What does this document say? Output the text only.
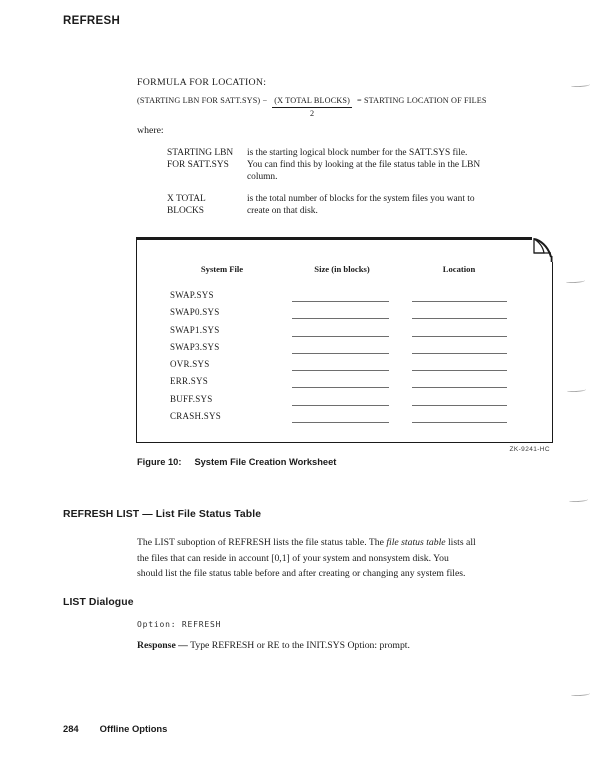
REFRESH
FORMULA FOR LOCATION:
(STARTING LBN FOR SATT.SYS) − $\frac{\text{(X TOTAL BLOCKS)}}{2}$ = STARTING LOCATION OF FILES
where:
STARTING LBN
FOR SATT.SYS
is the starting logical block number for the SATT.SYS file.
You can find this by looking at the file status table in the LBN
column.
X TOTAL
BLOCKS
is the total number of blocks for the system files you want to
create on that disk.
System File	Size (in blocks)	Location
SWAP.SYS
SWAP0.SYS
SWAP1.SYS
SWAP3.SYS
OVR.SYS
ERR.SYS
BUFF.SYS
CRASH.SYS
ZK-9241-HC
Figure 10: System File Creation Worksheet
REFRESH LIST — List File Status Table
The LIST suboption of REFRESH lists the file status table. The file status table lists all
the files that can reside in account [0,1] of your system and nonsystem disk. You
should list the file status table before and after creating or changing any system files.
LIST Dialogue
Option: REFRESH
Response — Type REFRESH or RE to the INIT.SYS Option: prompt.
284 Offline Options
